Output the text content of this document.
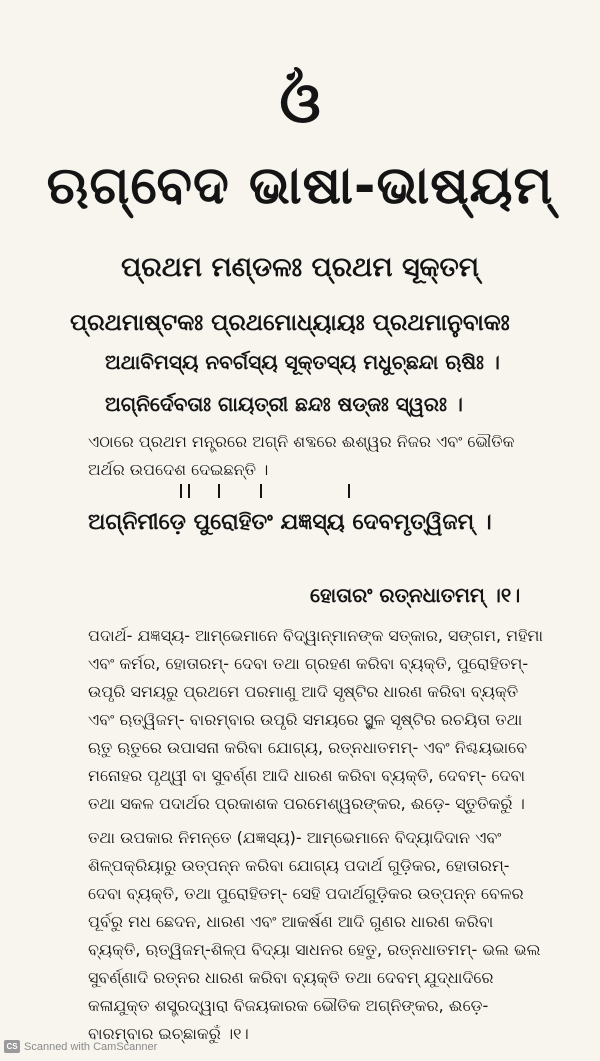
ଓଁ
ଋଗ୍‌ବେଦ ଭାଷା-ଭାଷ୍ୟମ୍
ପ୍ରଥମ ମଣ୍ଡଳଃ ପ୍ରଥମ ସୂକ୍ତମ୍
ପ୍ରଥମାଷ୍ଟକଃ ପ୍ରଥମୋଧ୍ୟାୟଃ ପ୍ରଥମାନୁବାକଃ
ଅଥାବିମସ୍ୟ ନବର୍ଗସ୍ୟ ସୂକ୍ତସ୍ୟ ମଧୁଚ୍ଛନ୍ଦା ଋଷିଃ ।
ଅଗ୍ନିର୍ଦେବତାଃ ଗାୟତ୍ରୀ ଛନ୍ଦଃ ଷଡ୍‌ଜଃ ସ୍ୱରଃ ।
ଏଠାରେ ପ୍ରଥମ ମନ୍ତ୍ରରେ ଅଗ୍ନି ଶବ୍ଦରେ ଈଶ୍ୱର ନିଜର ଏବଂ ଭୌତିକ ଅର୍ଥର ଉପଦେଶ ଦେଇଛନ୍ତି ।
ଅଗ୍ନିମୀଡ଼େ ପୁରୋହିତଂ ଯଜ୍ଞସ୍ୟ ଦେବମୃତ୍ୱିଜମ୍ ।
ହୋତାରଂ ରତ୍ନଧାତମମ୍ ।୧।
ପଦାର୍ଥ- ଯଜ୍ଞସ୍ୟ- ଆମ୍ଭେମାନେ ବିଦ୍ୱାନ୍‌ମାନଙ୍କ ସତ୍କାର, ସଙ୍ଗମ, ମହିମା ଏବଂ କର୍ମର, ହୋତାରମ୍- ଦେବା ତଥା ଗ୍ରହଣ କରିବା ବ୍ୟକ୍ତି, ପୁରୋହିତମ୍- ଉପୃରି ସମୟରୁ ପ୍ରଥମେ ପରମାଣୁ ଆଦି ସୃଷ୍ଟିର ଧାରଣ କରିବା ବ୍ୟକ୍ତି ଏବଂ ଋତ୍ୱିଜମ୍- ବାରମ୍ବାର ଉପୃରି ସମୟରେ ସ୍ଥୁଳ ସୃଷ୍ଟିର ରଚୟିତା ତଥା ଋତୁ ଋତୁରେ ଉପାସନା କରିବା ଯୋଗ୍ୟ, ରତ୍ନଧାତମମ୍- ଏବଂ ନିଶ୍ଚୟଭାବେ ମନୋହର ପୃଥ୍ୱୀ ବା ସୁବର୍ଣ୍ଣ ଆଦି ଧାରଣ କରିବା ବ୍ୟକ୍ତି, ଦେବମ୍- ଦେବା ତଥା ସକଳ ପଦାର୍ଥର ପ୍ରକାଶକ ପରମେଶ୍ୱରଙ୍କର, ଈଡ଼େ- ସ୍ତୁତିକରୁଁ ।
ତଥା ଉପକାର ନିମନ୍ତେ (ଯଜ୍ଞସ୍ୟ)- ଆମ୍ଭେମାନେ ବିଦ୍ୟାଦିଦାନ ଏବଂ ଶିଳ୍ପକ୍ରିୟାରୁ ଉତ୍ପନ୍ନ କରିବା ଯୋଗ୍ୟ ପଦାର୍ଥ ଗୁଡ଼ିକର, ହୋତାରମ୍- ଦେବା ବ୍ୟକ୍ତି, ତଥା ପୁରୋହିତମ୍- ସେହି ପଦାର୍ଥଗୁଡ଼ିକର ଉତ୍ପନ୍ନ ବେଳର ପୂର୍ବରୁ ମଧ ଛେଦନ, ଧାରଣ ଏବଂ ଆକର୍ଷଣ ଆଦି ଗୁଣର ଧାରଣ କରିବା ବ୍ୟକ୍ତି, ଋତ୍ୱିଜମ୍-ଶିଳ୍ପ ବିଦ୍ୟା ସାଧନର ହେତୁ, ରତ୍ନଧାତମମ୍- ଭଲ ଭଲ ସୁବର୍ଣ୍ଣାଦି ରତ୍ନର ଧାରଣ କରିବା ବ୍ୟକ୍ତି ତଥା ଦେବମ୍ ଯୁଦ୍ଧାଦିରେ କଳାଯୁକ୍ତ ଶସ୍ତ୍ରଦ୍ୱାରା ବିଜୟକାରକ ଭୌତିକ ଅଗ୍ନିଙ୍କର, ଈଡ଼େ- ବାରମ୍ବାର ଇଚ୍ଛାକରୁଁ ।୧।
CS Scanned with CamScanner
